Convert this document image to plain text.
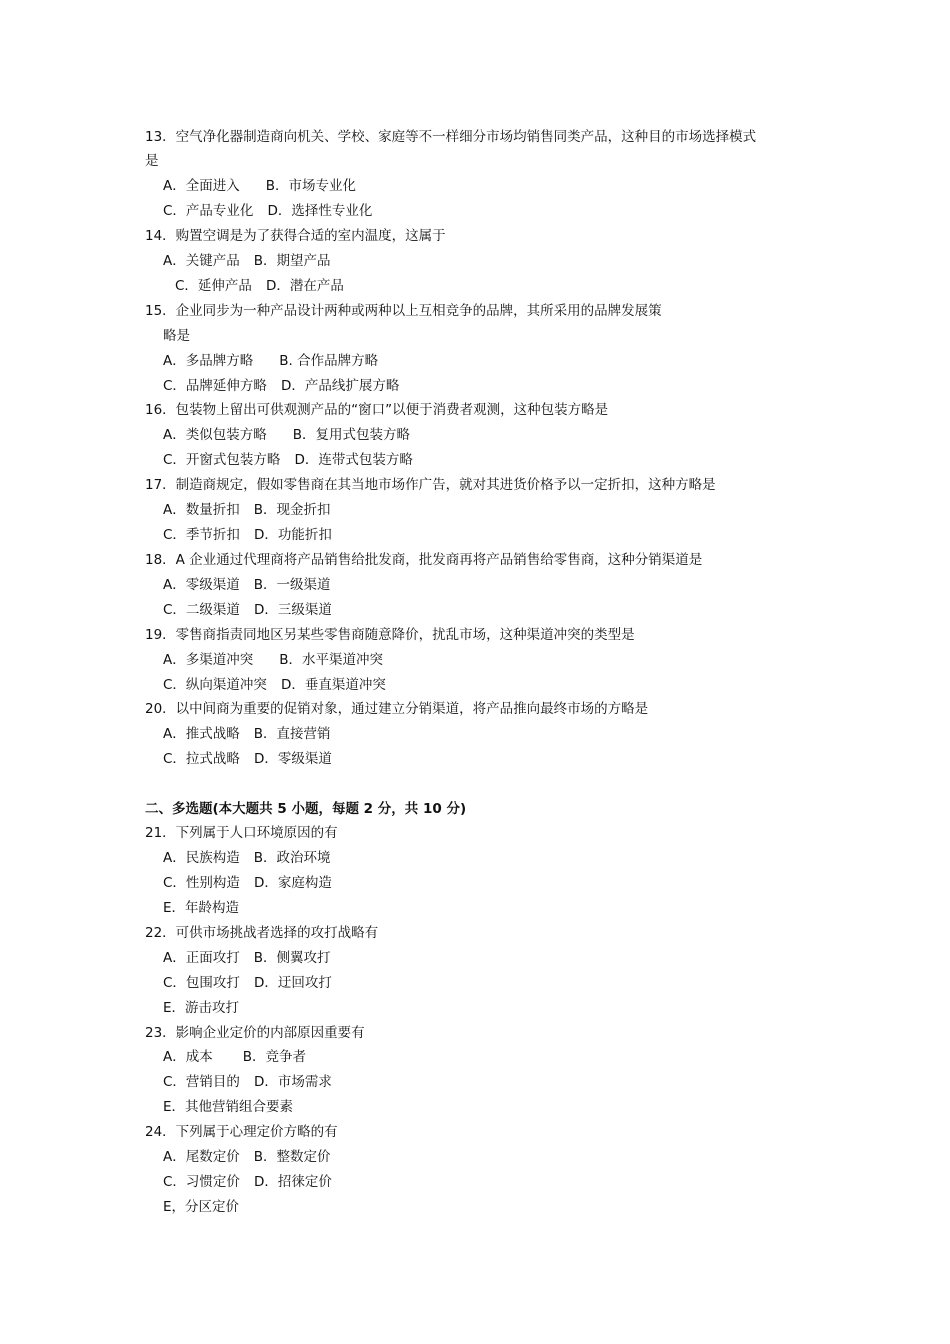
13．空气净化器制造商向机关、学校、家庭等不一样细分市场均销售同类产品，这种目的市场选择模式
是
A．全面进入 B．市场专业化
C．产品专业化 D．选择性专业化
14．购置空调是为了获得合适的室内温度，这属于
A．关键产品 B．期望产品
C．延伸产品 D．潜在产品
15．企业同步为一种产品设计两种或两种以上互相竞争的品牌，其所采用的品牌发展策
略是
A．多品牌方略 B. 合作品牌方略
C．品牌延伸方略 D．产品线扩展方略
16．包装物上留出可供观测产品的“窗口”以便于消费者观测，这种包装方略是
A．类似包装方略 B．复用式包装方略
C．开窗式包装方略 D．连带式包装方略
17．制造商规定，假如零售商在其当地市场作广告，就对其进货价格予以一定折扣，这种方略是
A．数量折扣 B．现金折扣
C．季节折扣 D．功能折扣
18．A 企业通过代理商将产品销售给批发商，批发商再将产品销售给零售商，这种分销渠道是
A．零级渠道 B．一级渠道
C．二级渠道 D．三级渠道
19．零售商指责同地区另某些零售商随意降价，扰乱市场，这种渠道冲突的类型是
A．多渠道冲突 B．水平渠道冲突
C．纵向渠道冲突 D．垂直渠道冲突
20．以中间商为重要的促销对象，通过建立分销渠道，将产品推向最终市场的方略是
A．推式战略 B．直接营销
C．拉式战略 D．零级渠道
二、多选题(本大题共 5 小题，每题 2 分，共 10 分)
21．下列属于人口环境原因的有
A．民族构造 B．政治环境
C．性别构造 D．家庭构造
E．年龄构造
22．可供市场挑战者选择的攻打战略有
A．正面攻打 B．侧翼攻打
C．包围攻打 D．迂回攻打
E．游击攻打
23．影响企业定价的内部原因重要有
A．成本 B．竞争者
C．营销目的 D．市场需求
E．其他营销组合要素
24．下列属于心理定价方略的有
A．尾数定价 B．整数定价
C．习惯定价 D．招徕定价
E，分区定价
